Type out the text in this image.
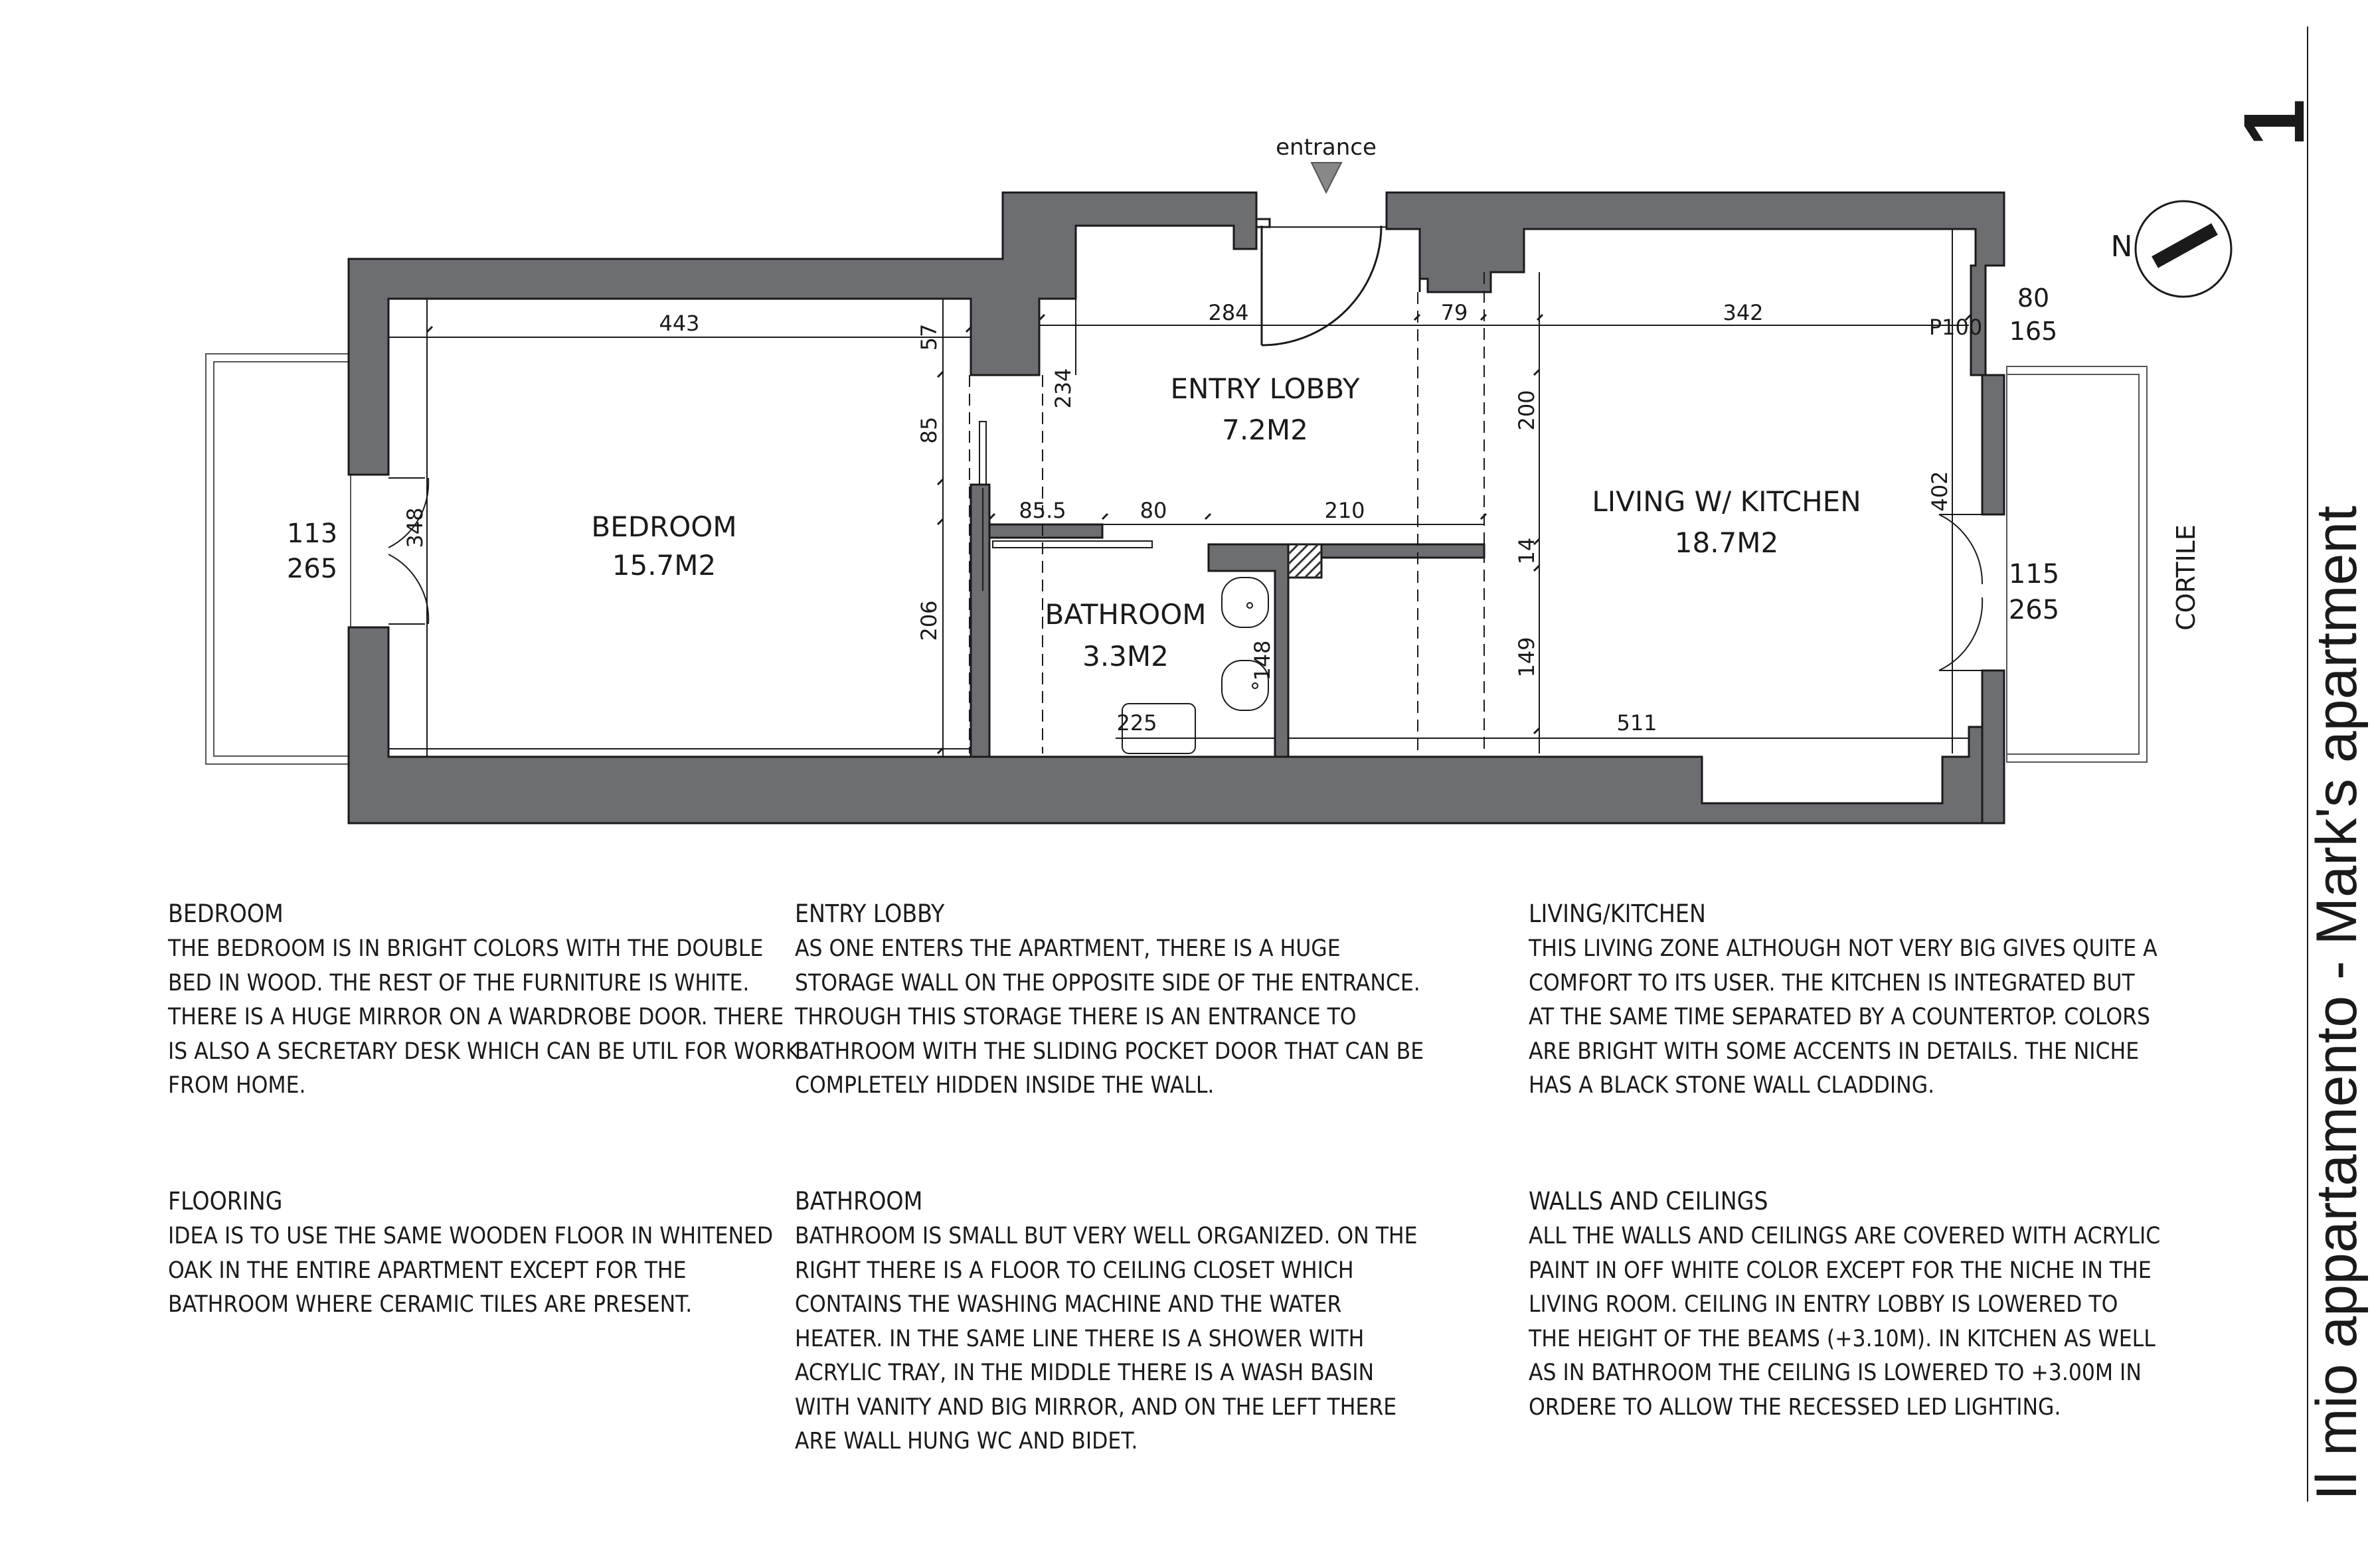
BEDROOM
15.7M2
ENTRY LOBBY
7.2M2
LIVING W/ KITCHEN
18.7M2
BATHROOM
3.3M2
443	284	79	342
P100
80
165
85.5	80	210
113
265	115
265
225	511
57
85
206
234
200
14
149
402
348
148
entrance
N
CORTILE
BEDROOM

THE BEDROOM IS IN BRIGHT COLORS WITH THE DOUBLE BED IN WOOD. THE REST OF THE FURNITURE IS WHITE. THERE IS A HUGE MIRROR ON A WARDROBE DOOR. THERE IS ALSO A SECRETARY DESK WHICH CAN BE UTIL FOR WORK FROM HOME.

ENTRY LOBBY

AS ONE ENTERS THE APARTMENT, THERE IS A HUGE STORAGE WALL ON THE OPPOSITE SIDE OF THE ENTRANCE. THROUGH THIS STORAGE THERE IS AN ENTRANCE TO BATHROOM WITH THE SLIDING POCKET DOOR THAT CAN BE COMPLETELY HIDDEN INSIDE THE WALL.

LIVING/KITCHEN

THIS LIVING ZONE ALTHOUGH NOT VERY BIG GIVES QUITE A COMFORT TO ITS USER. THE KITCHEN IS INTEGRATED BUT AT THE SAME TIME SEPARATED BY A COUNTERTOP. COLORS ARE BRIGHT WITH SOME ACCENTS IN DETAILS. THE NICHE HAS A BLACK STONE WALL CLADDING.

FLOORING

IDEA IS TO USE THE SAME WOODEN FLOOR IN WHITENED OAK IN THE ENTIRE APARTMENT EXCEPT FOR THE BATHROOM WHERE CERAMIC TILES ARE PRESENT.

BATHROOM

BATHROOM IS SMALL BUT VERY WELL ORGANIZED. ON THE RIGHT THERE IS A FLOOR TO CEILING CLOSET WHICH CONTAINS THE WASHING MACHINE AND THE WATER HEATER. IN THE SAME LINE THERE IS A SHOWER WITH ACRYLIC TRAY, IN THE MIDDLE THERE IS A WASH BASIN WITH VANITY AND BIG MIRROR, AND ON THE LEFT THERE ARE WALL HUNG WC AND BIDET.

WALLS AND CEILINGS

ALL THE WALLS AND CEILINGS ARE COVERED WITH ACRYLIC PAINT IN OFF WHITE COLOR EXCEPT FOR THE NICHE IN THE LIVING ROOM. CEILING IN ENTRY LOBBY IS LOWERED TO THE HEIGHT OF THE BEAMS (+3.10M). IN KITCHEN AS WELL AS IN BATHROOM THE CEILING IS LOWERED TO +3.00M IN ORDERE TO ALLOW THE RECESSED LED LIGHTING.	Il mio appartamento - Mark's apartment
1
